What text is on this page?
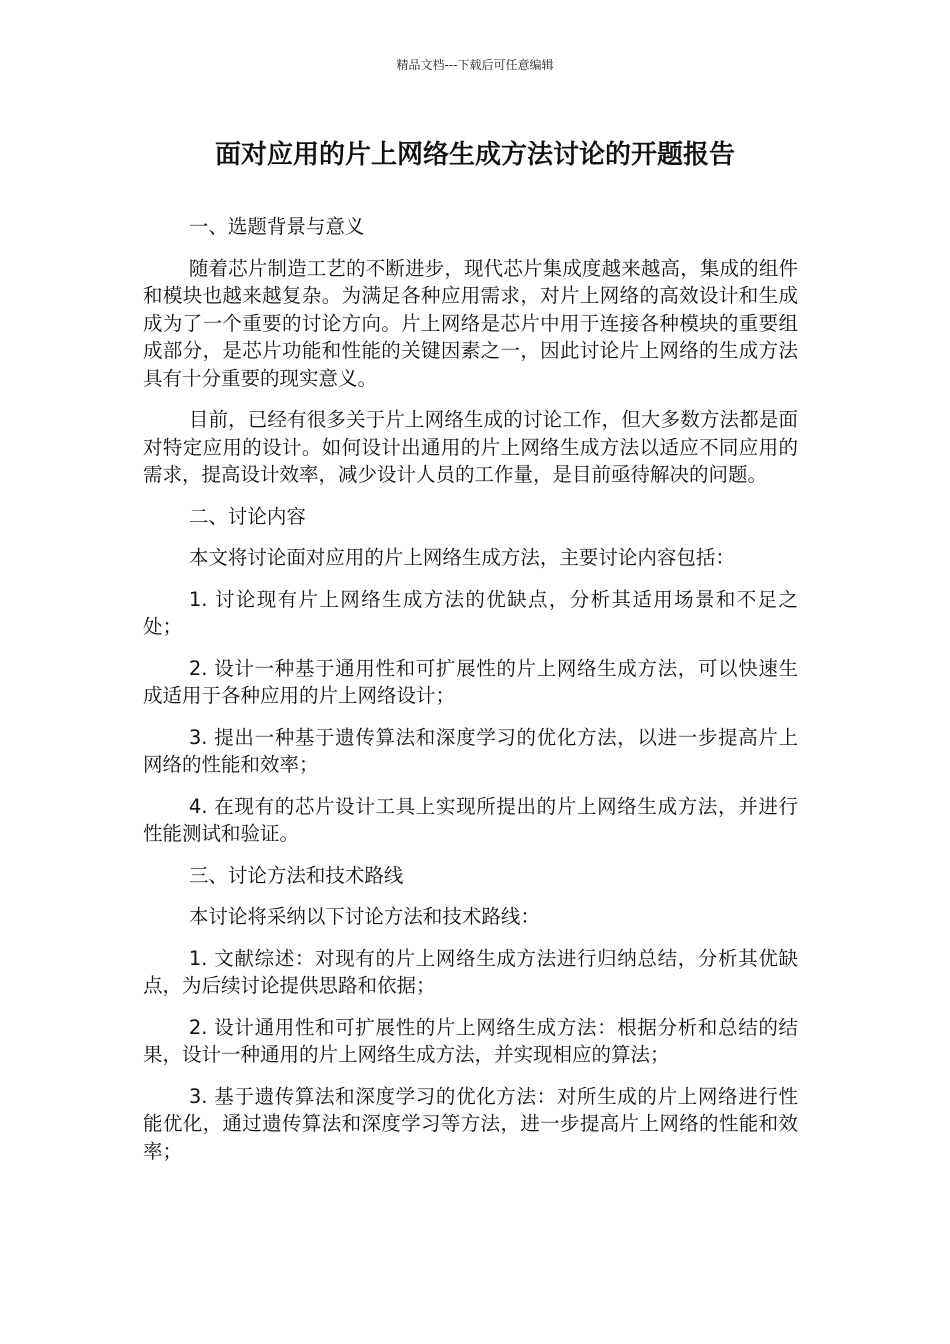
精品文档---下载后可任意编辑
面对应用的片上网络生成方法讨论的开题报告

一、选题背景与意义

随着芯片制造工艺的不断进步，现代芯片集成度越来越高，集成的组件和模块也越来越复杂。为满足各种应用需求，对片上网络的高效设计和生成成为了一个重要的讨论方向。片上网络是芯片中用于连接各种模块的重要组成部分，是芯片功能和性能的关键因素之一，因此讨论片上网络的生成方法具有十分重要的现实意义。

目前，已经有很多关于片上网络生成的讨论工作，但大多数方法都是面对特定应用的设计。如何设计出通用的片上网络生成方法以适应不同应用的需求，提高设计效率，减少设计人员的工作量，是目前亟待解决的问题。

二、讨论内容

本文将讨论面对应用的片上网络生成方法，主要讨论内容包括：

1. 讨论现有片上网络生成方法的优缺点，分析其适用场景和不足之处；

2. 设计一种基于通用性和可扩展性的片上网络生成方法，可以快速生成适用于各种应用的片上网络设计；

3. 提出一种基于遗传算法和深度学习的优化方法，以进一步提高片上网络的性能和效率；

4. 在现有的芯片设计工具上实现所提出的片上网络生成方法，并进行性能测试和验证。

三、讨论方法和技术路线

本讨论将采纳以下讨论方法和技术路线：

1. 文献综述：对现有的片上网络生成方法进行归纳总结，分析其优缺点，为后续讨论提供思路和依据；

2. 设计通用性和可扩展性的片上网络生成方法：根据分析和总结的结果，设计一种通用的片上网络生成方法，并实现相应的算法；

3. 基于遗传算法和深度学习的优化方法：对所生成的片上网络进行性能优化，通过遗传算法和深度学习等方法，进一步提高片上网络的性能和效率；
